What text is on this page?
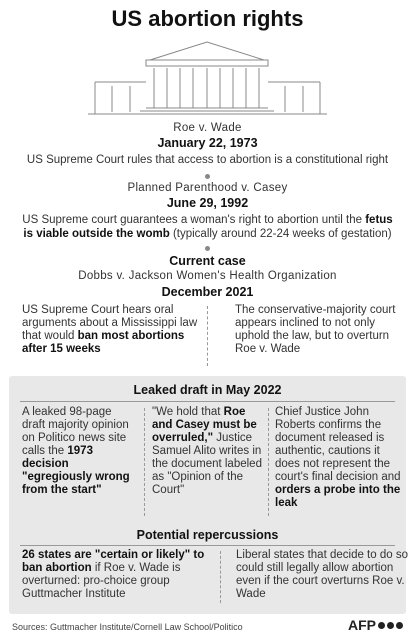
US abortion rights
Roe v. Wade
January 22, 1973
US Supreme Court rules that access to abortion is a constitutional right
Planned Parenthood v. Casey
June 29, 1992
US Supreme court guarantees a woman's right to abortion until the fetus
is viable outside the womb (typically around 22-24 weeks of gestation)
Current case
Dobbs v. Jackson Women's Health Organization
December 2021
US Supreme Court hears oral arguments about a Mississippi law that would ban most abortions after 15 weeks
The conservative-majority court appears inclined to not only uphold the law, but to overturn Roe v. Wade
Leaked draft in May 2022
A leaked 98-page draft majority opinion on Politico news site calls the 1973 decision "egregiously wrong from the start"
"We hold that Roe and Casey must be overruled," Justice Samuel Alito writes in the document labeled as "Opinion of the Court"
Chief Justice John Roberts confirms the document released is authentic, cautions it does not represent the court's final decision and orders a probe into the leak
Potential repercussions
26 states are "certain or likely" to ban abortion if Roe v. Wade is overturned: pro-choice group Guttmacher Institute
Liberal states that decide to do so could still legally allow abortion even if the court overturns Roe v. Wade
Sources: Guttmacher Institute/Cornell Law School/Politico	AFP
